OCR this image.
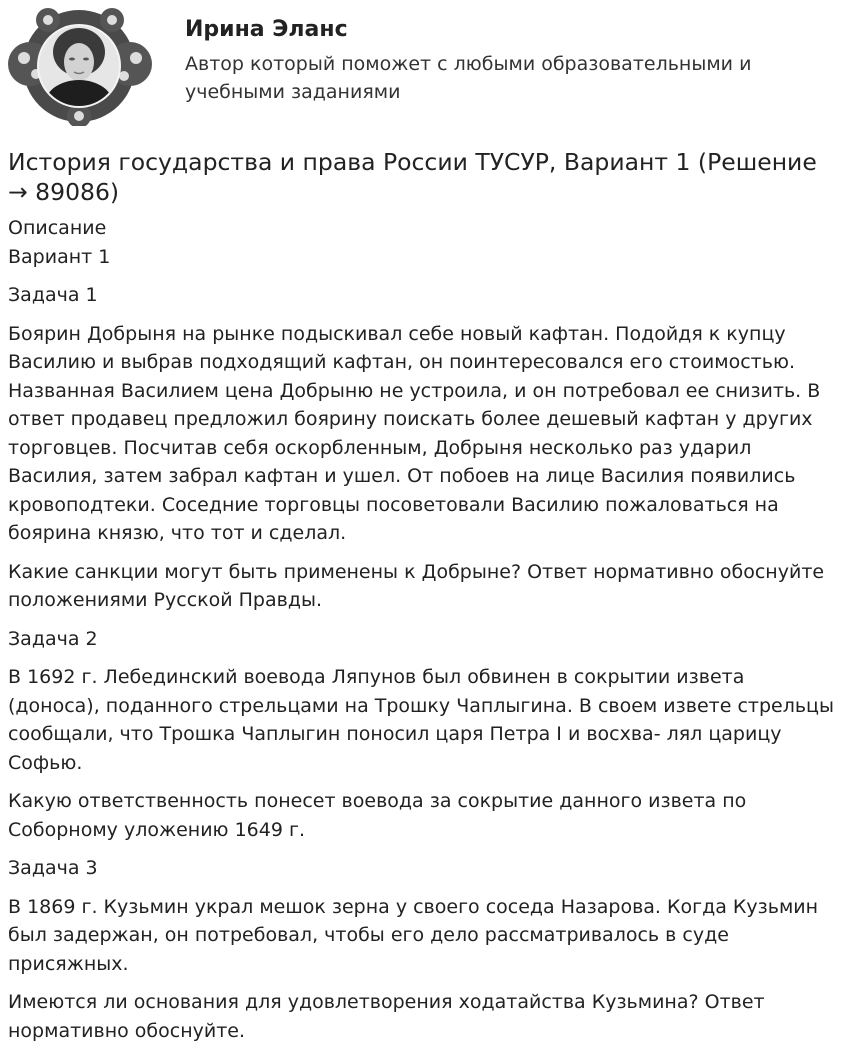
Ирина Эланс
Автор который поможет с любыми образовательными и учебными заданиями
История государства и права России ТУСУР, Вариант 1 (Решение → 89086)

Описание

Вариант 1

Задача 1

Боярин Добрыня на рынке подыскивал себе новый кафтан. Подойдя к купцу Василию и выбрав подходящий кафтан, он поинтересовался его стоимостью. Названная Василием цена Добрыню не устроила, и он потребовал ее снизить. В ответ продавец предложил боярину поискать более дешевый кафтан у других торговцев. Посчитав себя оскорбленным, Добрыня несколько раз ударил Василия, затем забрал кафтан и ушел. От побоев на лице Василия появились кровоподтеки. Соседние торговцы посоветовали Василию пожаловаться на боярина князю, что тот и сделал.

Какие санкции могут быть применены к Добрыне? Ответ нормативно обоснуйте положениями Русской Правды.

Задача 2

В 1692 г. Лебединский воевода Ляпунов был обвинен в сокрытии извета (доноса), поданного стрельцами на Трошку Чаплыгина. В своем извете стрельцы сообщали, что Трошка Чаплыгин поносил царя Петра I и восхва- лял царицу Софью.

Какую ответственность понесет воевода за сокрытие данного извета по Соборному уложению 1649 г.

Задача 3

В 1869 г. Кузьмин украл мешок зерна у своего соседа Назарова. Когда Кузьмин был задержан, он потребовал, чтобы его дело рассматривалось в суде присяжных.

Имеются ли основания для удовлетворения ходатайства Кузьмина? Ответ нормативно обоснуйте.
